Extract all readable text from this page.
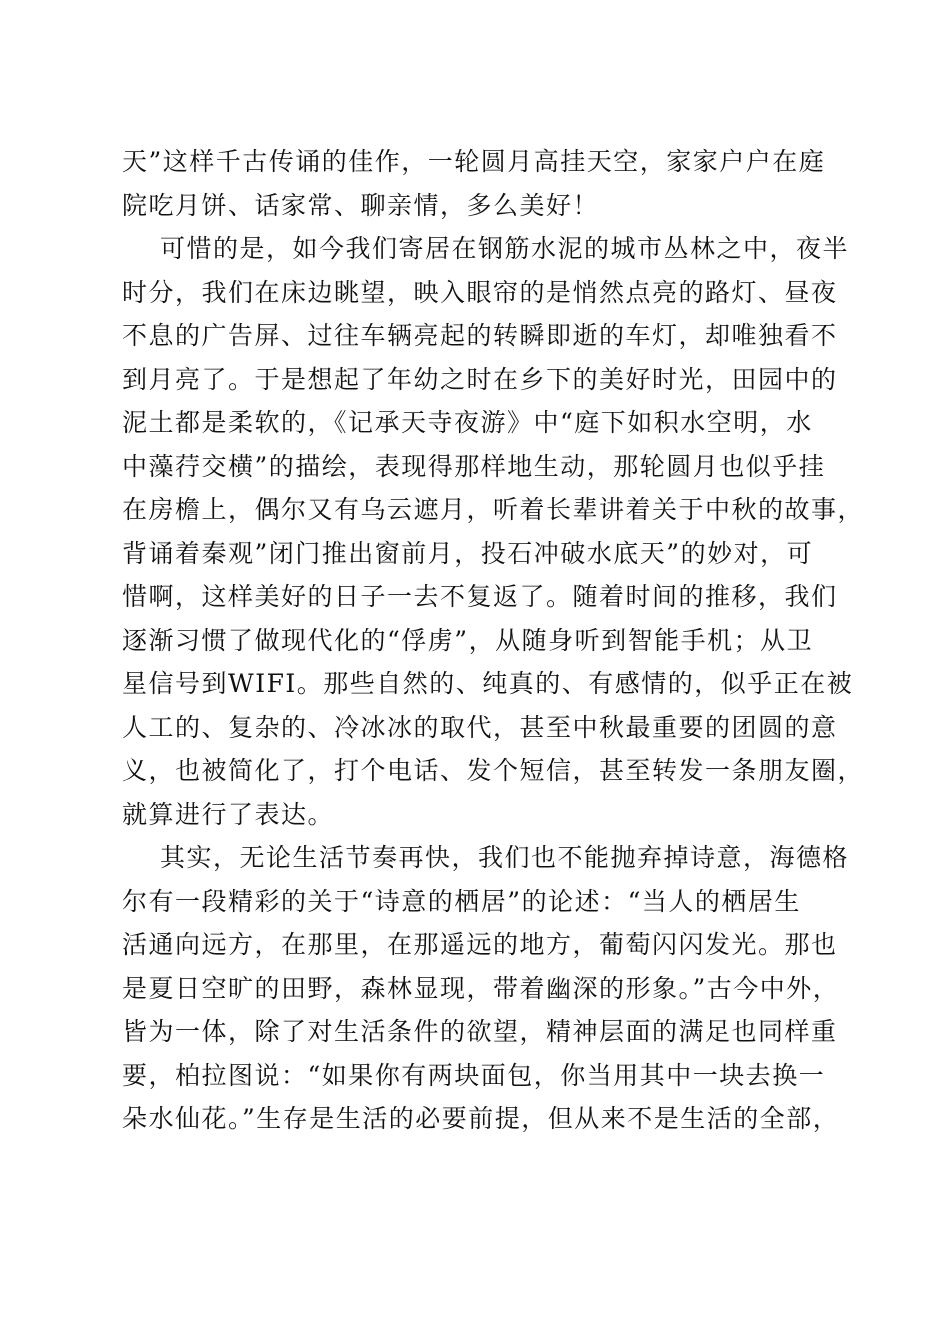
天”这样千古传诵的佳作，一轮圆月高挂天空，家家户户在庭
院吃月饼、话家常、聊亲情，多么美好！
可惜的是，如今我们寄居在钢筋水泥的城市丛林之中，夜半
时分，我们在床边眺望，映入眼帘的是悄然点亮的路灯、昼夜
不息的广告屏、过往车辆亮起的转瞬即逝的车灯，却唯独看不
到月亮了。于是想起了年幼之时在乡下的美好时光，田园中的
泥土都是柔软的，《记承天寺夜游》中“庭下如积水空明，水
中藻荇交横”的描绘，表现得那样地生动，那轮圆月也似乎挂
在房檐上，偶尔又有乌云遮月，听着长辈讲着关于中秋的故事，
背诵着秦观”闭门推出窗前月，投石冲破水底天”的妙对，可
惜啊，这样美好的日子一去不复返了。随着时间的推移，我们
逐渐习惯了做现代化的“俘虏”，从随身听到智能手机；从卫
星信号到WIFI。那些自然的、纯真的、有感情的，似乎正在被
人工的、复杂的、冷冰冰的取代，甚至中秋最重要的团圆的意
义，也被简化了，打个电话、发个短信，甚至转发一条朋友圈，
就算进行了表达。
其实，无论生活节奏再快，我们也不能抛弃掉诗意，海德格
尔有一段精彩的关于“诗意的栖居”的论述：“当人的栖居生
活通向远方，在那里，在那遥远的地方，葡萄闪闪发光。那也
是夏日空旷的田野，森林显现，带着幽深的形象。”古今中外，
皆为一体，除了对生活条件的欲望，精神层面的满足也同样重
要，柏拉图说：“如果你有两块面包，你当用其中一块去换一
朵水仙花。”生存是生活的必要前提，但从来不是生活的全部，
